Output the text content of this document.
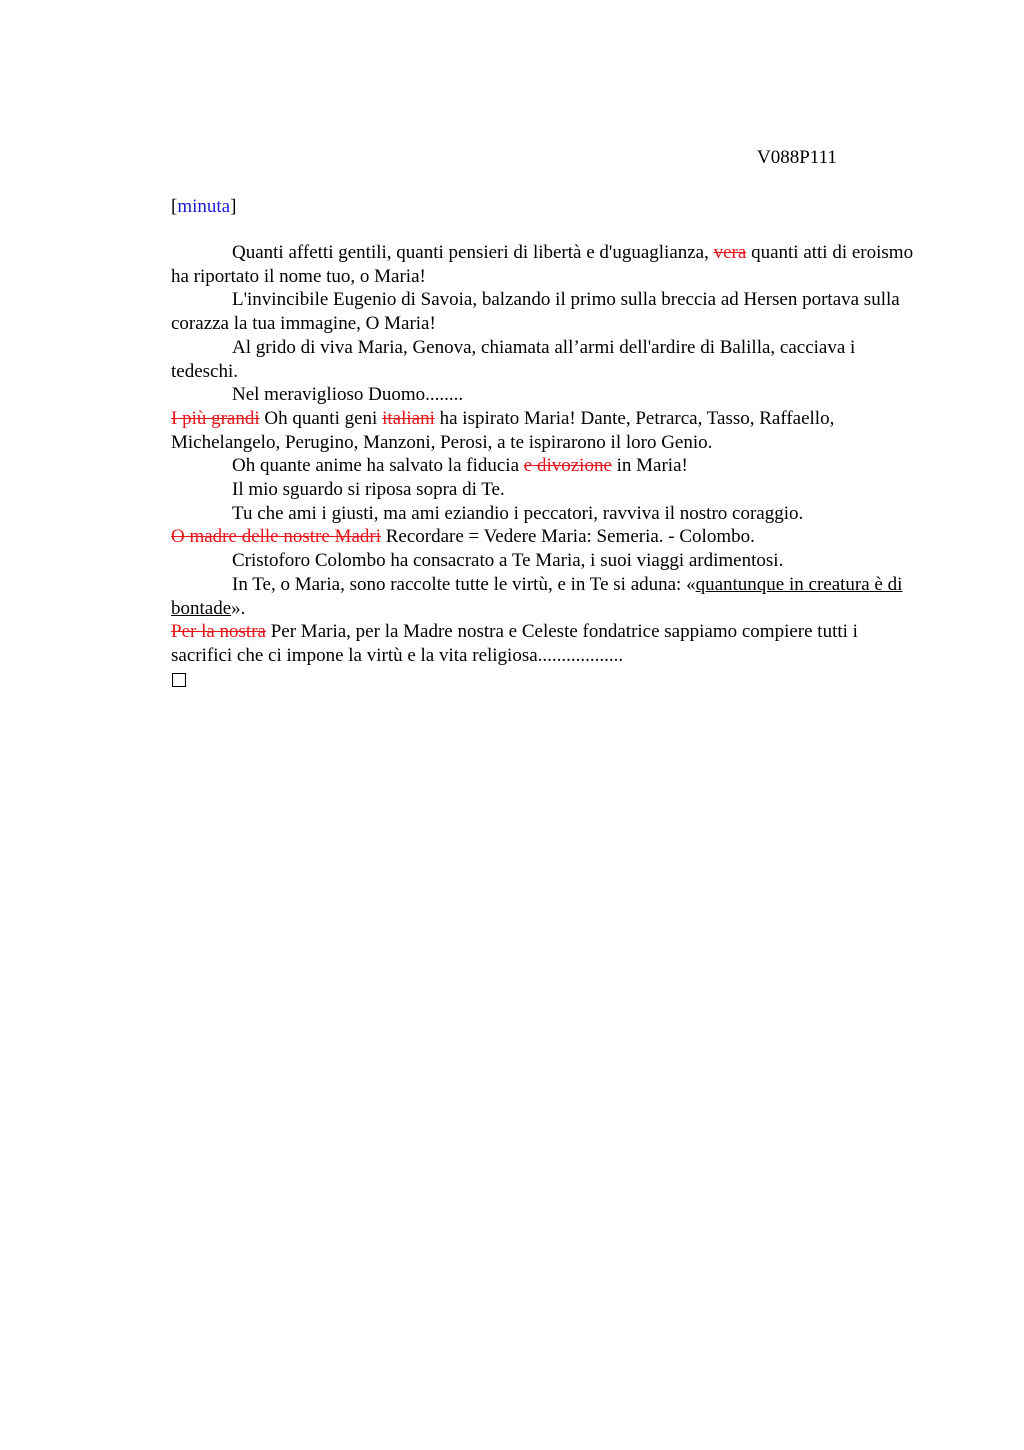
V088P111
[minuta]

Quanti affetti gentili, quanti pensieri di libertà e d'uguaglianza, vera quanti atti di eroismo ha riportato il nome tuo, o Maria!

L'invincibile Eugenio di Savoia, balzando il primo sulla breccia ad Hersen portava sulla corazza la tua immagine, O Maria!

Al grido di viva Maria, Genova, chiamata all’armi dell'ardire di Balilla, cacciava i tedeschi.

Nel meraviglioso Duomo........

I più grandi Oh quanti geni italiani ha ispirato Maria! Dante, Petrarca, Tasso, Raffaello, Michelangelo, Perugino, Manzoni, Perosi, a te ispirarono il loro Genio.

Oh quante anime ha salvato la fiducia e divozione in Maria!

Il mio sguardo si riposa sopra di Te.

Tu che ami i giusti, ma ami eziandio i peccatori, ravviva il nostro coraggio.

O madre delle nostre Madri Recordare = Vedere Maria: Semeria. - Colombo.

Cristoforo Colombo ha consacrato a Te Maria, i suoi viaggi ardimentosi.

In Te, o Maria, sono raccolte tutte le virtù, e in Te si aduna: «quantunque in creatura è di bontade».

Per la nostra Per Maria, per la Madre nostra e Celeste fondatrice sappiamo compiere tutti i sacrifici che ci impone la virtù e la vita religiosa..................
